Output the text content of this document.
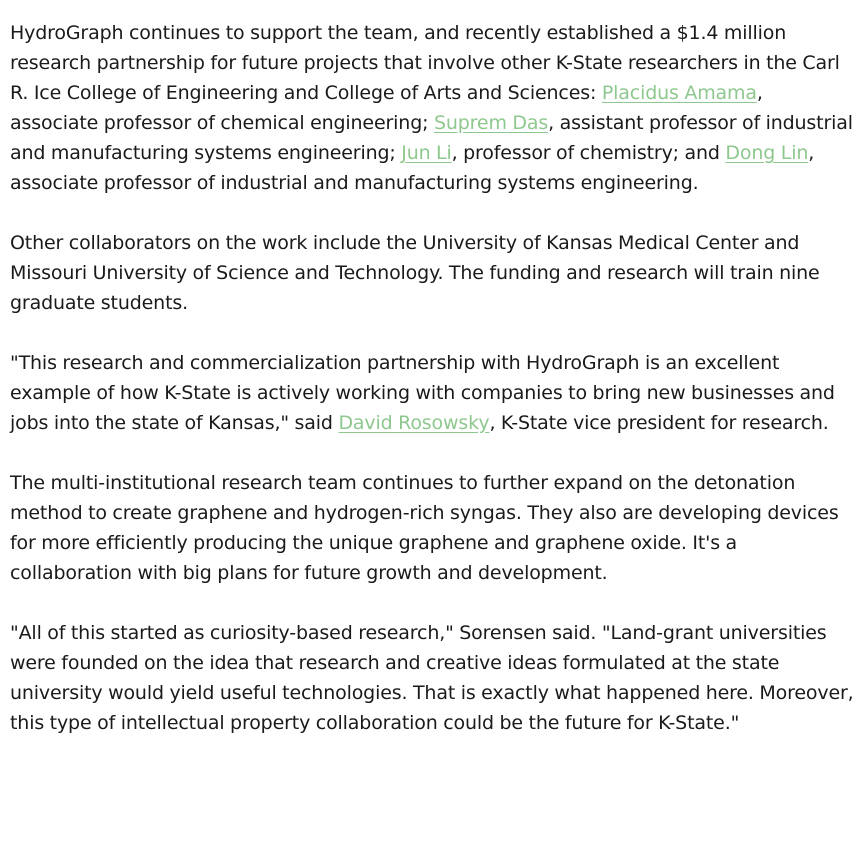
HydroGraph continues to support the team, and recently established a $1.4 million research partnership for future projects that involve other K-State researchers in the Carl R. Ice College of Engineering and College of Arts and Sciences: Placidus Amama, associate professor of chemical engineering; Suprem Das, assistant professor of industrial and manufacturing systems engineering; Jun Li, professor of chemistry; and Dong Lin, associate professor of industrial and manufacturing systems engineering.

Other collaborators on the work include the University of Kansas Medical Center and Missouri University of Science and Technology. The funding and research will train nine graduate students.

"This research and commercialization partnership with HydroGraph is an excellent example of how K-State is actively working with companies to bring new businesses and jobs into the state of Kansas," said David Rosowsky, K-State vice president for research.

The multi-institutional research team continues to further expand on the detonation method to create graphene and hydrogen-rich syngas. They also are developing devices for more efficiently producing the unique graphene and graphene oxide. It's a collaboration with big plans for future growth and development.

"All of this started as curiosity-based research," Sorensen said. "Land-grant universities were founded on the idea that research and creative ideas formulated at the state university would yield useful technologies. That is exactly what happened here. Moreover, this type of intellectual property collaboration could be the future for K-State."
